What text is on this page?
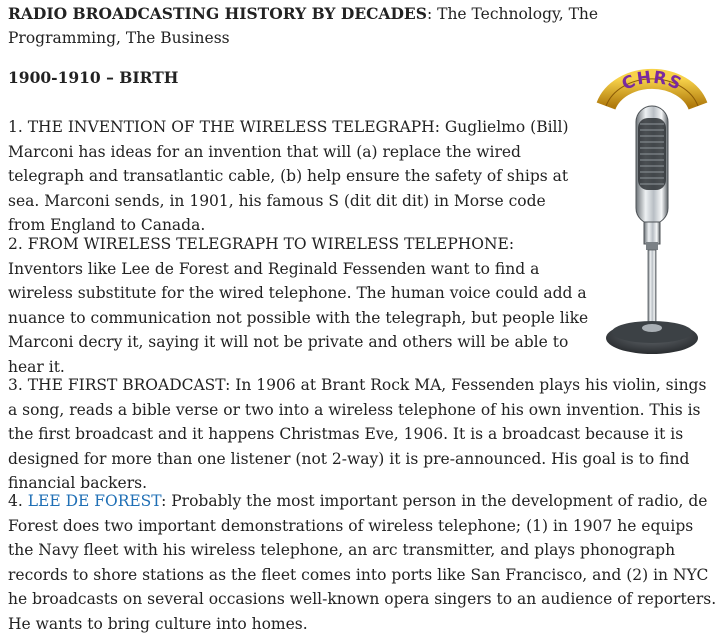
RADIO BROADCASTING HISTORY BY DECADES: The Technology, The Programming, The Business
1900-1910 – BIRTH

1. THE INVENTION OF THE WIRELESS TELEGRAPH: Guglielmo (Bill) Marconi has ideas for an invention that will (a) replace the wired telegraph and transatlantic cable, (b) help ensure the safety of ships at sea. Marconi sends, in 1901, his famous S (dit dit dit) in Morse code from England to Canada.

2. FROM WIRELESS TELEGRAPH TO WIRELESS TELEPHONE: Inventors like Lee de Forest and Reginald Fessenden want to find a wireless substitute for the wired telephone. The human voice could add a nuance to communication not possible with the telegraph, but people like Marconi decry it, saying it will not be private and others will be able to hear it.

3. THE FIRST BROADCAST: In 1906 at Brant Rock MA, Fessenden plays his violin, sings a song, reads a bible verse or two into a wireless telephone of his own invention. This is the first broadcast and it happens Christmas Eve, 1906. It is a broadcast because it is designed for more than one listener (not 2-way) it is pre-announced. His goal is to find financial backers.

4. LEE DE FOREST: Probably the most important person in the development of radio, de Forest does two important demonstrations of wireless telephone; (1) in 1907 he equips the Navy fleet with his wireless telephone, an arc transmitter, and plays phonograph records to shore stations as the fleet comes into ports like San Francisco, and (2) in NYC he broadcasts on several occasions well-known opera singers to an audience of reporters. He wants to bring culture into homes.

CHRS
